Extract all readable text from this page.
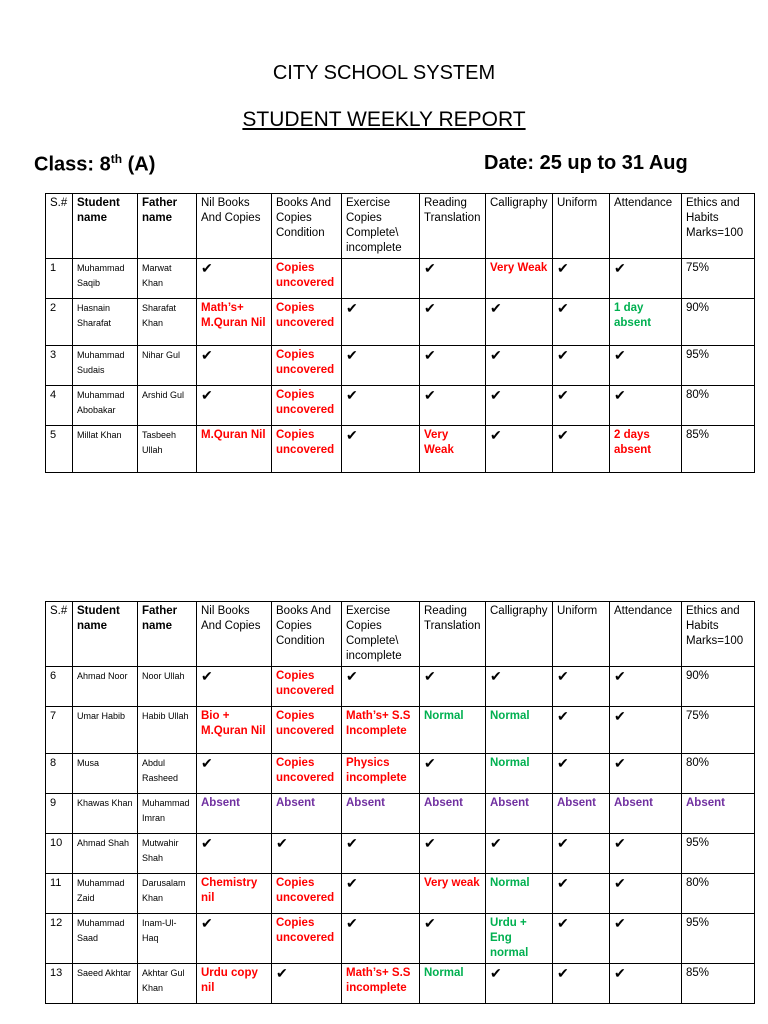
CITY SCHOOL SYSTEM
STUDENT WEEKLY REPORT
Class: 8th (A)	Date: 25 up to 31 Aug
S.#	Student name	Father name	Nil Books And Copies	Books And Copies Condition	Exercise Copies Complete\ incomplete	Reading Translation	Calligraphy	Uniform	Attendance	Ethics and Habits Marks=100
1	Muhammad Saqib	Marwat Khan	✔	Copies uncovered		✔	Very Weak	✔	✔	75%
2	Hasnain Sharafat	Sharafat Khan	Math’s+ M.Quran Nil	Copies uncovered	✔	✔	✔	✔	1 day absent	90%
3	Muhammad Sudais	Nihar Gul	✔	Copies uncovered	✔	✔	✔	✔	✔	95%
4	Muhammad Abobakar	Arshid Gul	✔	Copies uncovered	✔	✔	✔	✔	✔	80%
5	Millat Khan	Tasbeeh Ullah	M.Quran Nil	Copies uncovered	✔	Very Weak	✔	✔	2 days absent	85%
S.#	Student name	Father name	Nil Books And Copies	Books And Copies Condition	Exercise Copies Complete\ incomplete	Reading Translation	Calligraphy	Uniform	Attendance	Ethics and Habits Marks=100
6	Ahmad Noor	Noor Ullah	✔	Copies uncovered	✔	✔	✔	✔	✔	90%
7	Umar Habib	Habib Ullah	Bio + M.Quran Nil	Copies uncovered	Math’s+ S.S Incomplete	Normal	Normal	✔	✔	75%
8	Musa	Abdul Rasheed	✔	Copies uncovered	Physics incomplete	✔	Normal	✔	✔	80%
9	Khawas Khan	Muhammad Imran	Absent	Absent	Absent	Absent	Absent	Absent	Absent	Absent
10	Ahmad Shah	Mutwahir Shah	✔	✔	✔	✔	✔	✔	✔	95%
11	Muhammad Zaid	Darusalam Khan	Chemistry nil	Copies uncovered	✔	Very weak	Normal	✔	✔	80%
12	Muhammad Saad	Inam-Ul-Haq	✔	Copies uncovered	✔	✔	Urdu + Eng normal	✔	✔	95%
13	Saeed Akhtar	Akhtar Gul Khan	Urdu copy nil	✔	Math’s+ S.S incomplete	Normal	✔	✔	✔	85%
